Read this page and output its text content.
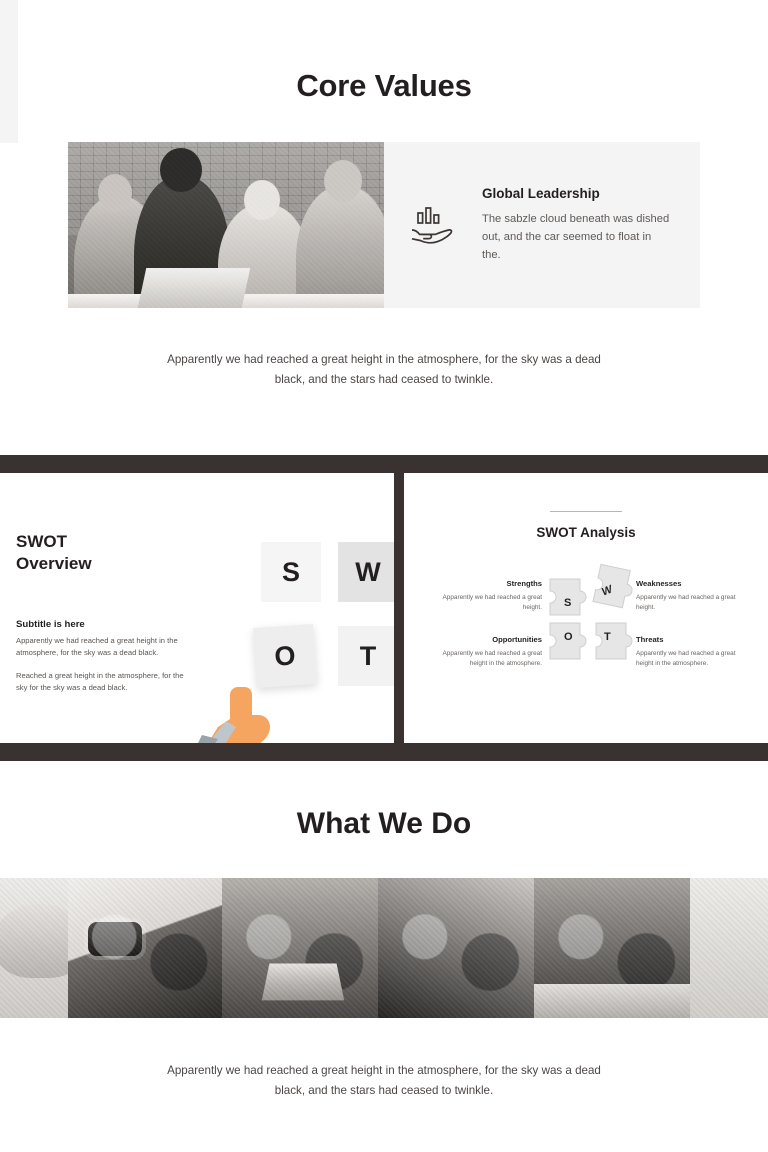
Core Values
Global Leadership
The sabzle cloud beneath was dished out, and the car seemed to float in the.
Apparently we had reached a great height in the atmosphere, for the sky was a dead
black, and the stars had ceased to twinkle.
SWOT
Overview
Subtitle is here
Apparently we had reached a great height in the atmosphere, for the sky was a dead black.
Reached a great height in the atmosphere, for the sky for the sky was a dead black.
S W
O T
SWOT Analysis
Strengths
Apparently we had reached a great height.
Opportunities
Apparently we had reached a great height in the atmosphere.
Weaknesses
Apparently we had reached a great height.
Threats
Apparently we had reached a great height in the atmosphere.
S
W
O	T
What We Do
Apparently we had reached a great height in the atmosphere, for the sky was a dead
black, and the stars had ceased to twinkle.
